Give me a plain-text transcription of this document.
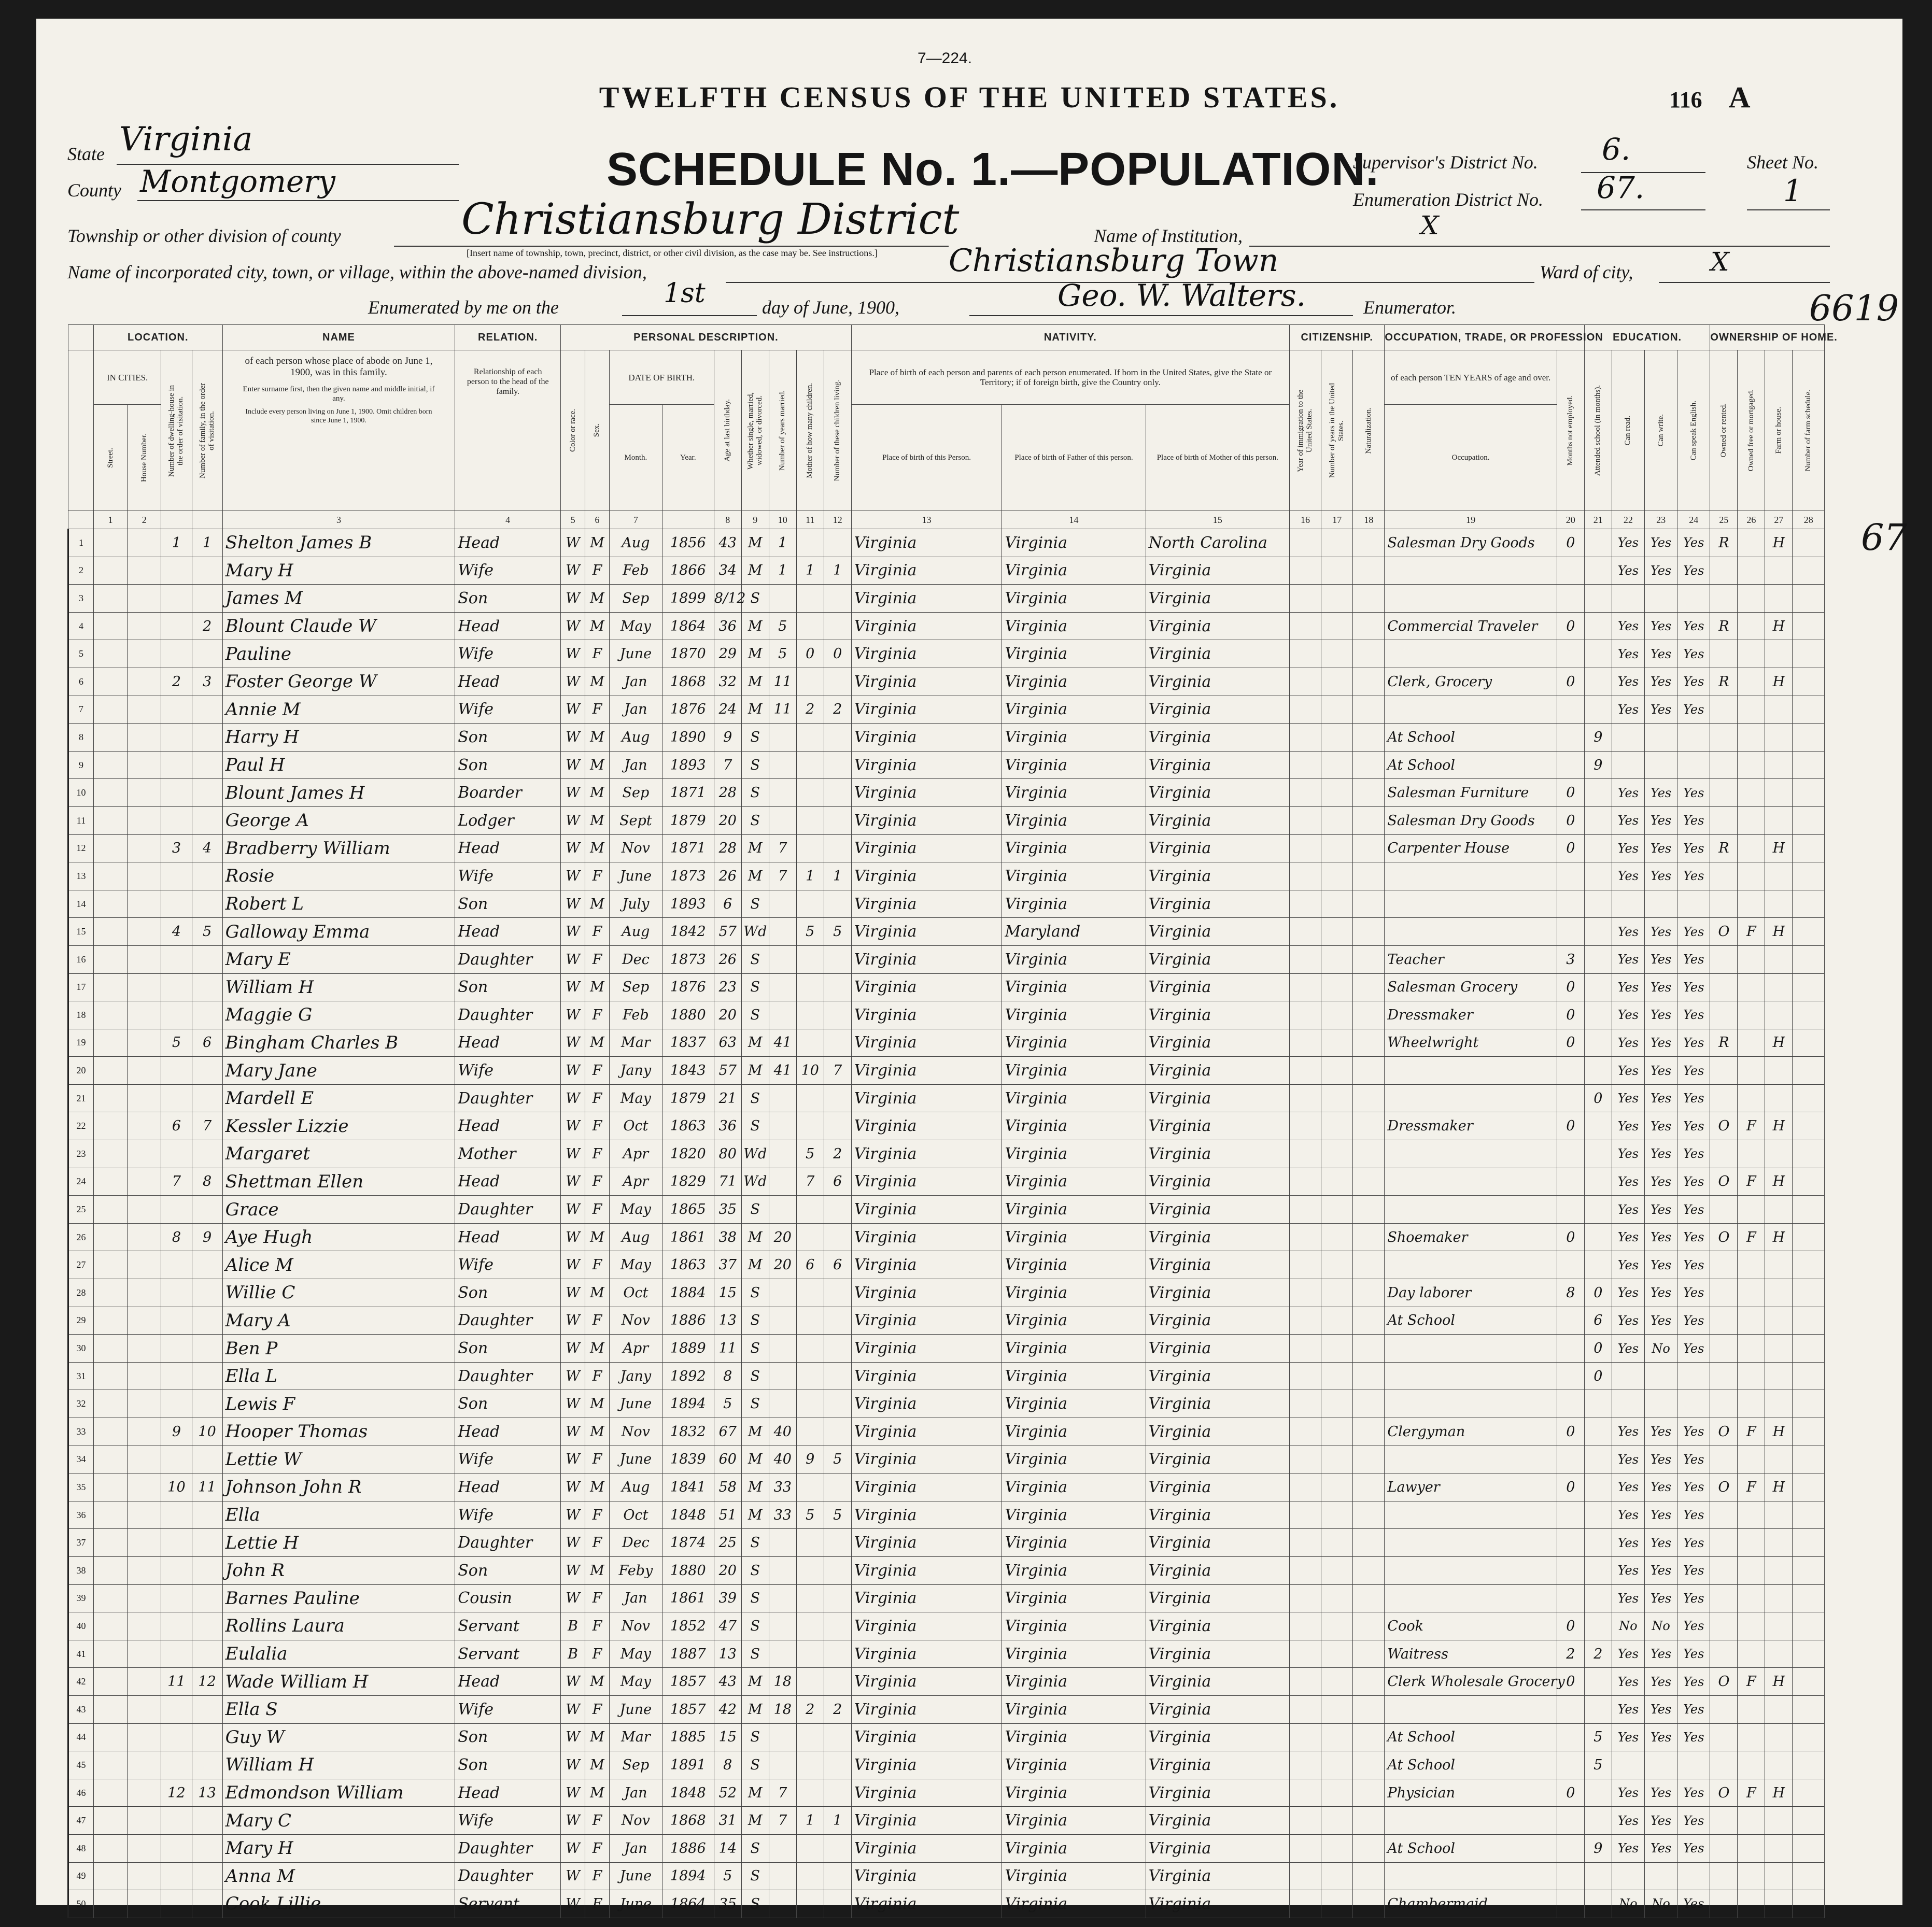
7—224.
TWELFTH CENSUS OF THE UNITED STATES.	116 A
SCHEDULE No. 1.—POPULATION.
State Virginia
County Montgomery
Township or other division of county	Christiansburg District
[Insert name of township, town, precinct, district, or other civil division, as the case may be. See instructions.]
Name of Institution,	X
Name of incorporated city, town, or village, within the above-named division,	Christiansburg Town	Ward of city,	X
Enumerated by me on the	1st	day of June, 1900,	Geo. W. Walters.	Enumerator.
Supervisor's District No. 6.
Enumeration District No. 67.
Sheet No.
1
6619
67
	LOCATION.				NAME	RELATION.	PERSONAL DESCRIPTION.									NATIVITY.			CITIZENSHIP.			OCCUPATION, TRADE, OR PROFESSION		EDUCATION.				OWNERSHIP OF HOME.			
	IN CITIES.		Number of dwelling-house in the order of visitation.	Number of family, in the order of visitation.	of each person whose place of abode on June 1, 1900, was in this family.
Enter surname first, then the given name and middle initial, if any.
Include every person living on June 1, 1900. Omit children born since June 1, 1900.	Relationship of each person to the head of the family.	Color or race.	Sex.	DATE OF BIRTH.		Age at last birthday.	Whether single, married, widowed, or divorced.	Number of years married.	Mother of how many children.	Number of these children living.	Place of birth of each person and parents of each person enumerated. If born in the United States, give the State or Territory; if of foreign birth, give the Country only.			Year of immigration to the United States.	Number of years in the United States.	Naturalization.	of each person TEN YEARS of age and over.	Months not employed.	Attended school (in months).	Can read.	Can write.	Can speak English.	Owned or rented.	Owned free or mortgaged.	Farm or house.	Number of farm schedule.

	Street.	House Number.							Month.	Year.						Place of birth of this Person.	Place of birth of Father of this person.	Place of birth of Mother of this person.				Occupation.									
	1	2			3	4	5	6	7		8	9	10	11	12	13	14	15	16	17	18	19	20	21	22	23	24	25	26	27	28
1			1	1	Shelton James B	Head	W	M	Aug	1856	43	M	1			Virginia	Virginia	North Carolina				Salesman Dry Goods	0		Yes	Yes	Yes	R		H	
2					Mary H	Wife	W	F	Feb	1866	34	M	1	1	1	Virginia	Virginia	Virginia							Yes	Yes	Yes				
3					James M	Son	W	M	Sep	1899	8/12	S				Virginia	Virginia	Virginia													
4				2	Blount Claude W	Head	W	M	May	1864	36	M	5			Virginia	Virginia	Virginia				Commercial Traveler	0		Yes	Yes	Yes	R		H	
5					Pauline	Wife	W	F	June	1870	29	M	5	0	0	Virginia	Virginia	Virginia							Yes	Yes	Yes				
6			2	3	Foster George W	Head	W	M	Jan	1868	32	M	11			Virginia	Virginia	Virginia				Clerk, Grocery	0		Yes	Yes	Yes	R		H	
7					Annie M	Wife	W	F	Jan	1876	24	M	11	2	2	Virginia	Virginia	Virginia							Yes	Yes	Yes				
8					Harry H	Son	W	M	Aug	1890	9	S				Virginia	Virginia	Virginia				At School		9							
9					Paul H	Son	W	M	Jan	1893	7	S				Virginia	Virginia	Virginia				At School		9							
10					Blount James H	Boarder	W	M	Sep	1871	28	S				Virginia	Virginia	Virginia				Salesman Furniture	0		Yes	Yes	Yes				
11					George A	Lodger	W	M	Sept	1879	20	S				Virginia	Virginia	Virginia				Salesman Dry Goods	0		Yes	Yes	Yes				
12			3	4	Bradberry William	Head	W	M	Nov	1871	28	M	7			Virginia	Virginia	Virginia				Carpenter House	0		Yes	Yes	Yes	R		H	
13					Rosie	Wife	W	F	June	1873	26	M	7	1	1	Virginia	Virginia	Virginia							Yes	Yes	Yes				
14					Robert L	Son	W	M	July	1893	6	S				Virginia	Virginia	Virginia													
15			4	5	Galloway Emma	Head	W	F	Aug	1842	57	Wd		5	5	Virginia	Maryland	Virginia							Yes	Yes	Yes	O	F	H	
16					Mary E	Daughter	W	F	Dec	1873	26	S				Virginia	Virginia	Virginia				Teacher	3		Yes	Yes	Yes				
17					William H	Son	W	M	Sep	1876	23	S				Virginia	Virginia	Virginia				Salesman Grocery	0		Yes	Yes	Yes				
18					Maggie G	Daughter	W	F	Feb	1880	20	S				Virginia	Virginia	Virginia				Dressmaker	0		Yes	Yes	Yes				
19			5	6	Bingham Charles B	Head	W	M	Mar	1837	63	M	41			Virginia	Virginia	Virginia				Wheelwright	0		Yes	Yes	Yes	R		H	
20					Mary Jane	Wife	W	F	Jany	1843	57	M	41	10	7	Virginia	Virginia	Virginia							Yes	Yes	Yes				
21					Mardell E	Daughter	W	F	May	1879	21	S				Virginia	Virginia	Virginia						0	Yes	Yes	Yes				
22			6	7	Kessler Lizzie	Head	W	F	Oct	1863	36	S				Virginia	Virginia	Virginia				Dressmaker	0		Yes	Yes	Yes	O	F	H	
23					Margaret	Mother	W	F	Apr	1820	80	Wd		5	2	Virginia	Virginia	Virginia							Yes	Yes	Yes				
24			7	8	Shettman Ellen	Head	W	F	Apr	1829	71	Wd		7	6	Virginia	Virginia	Virginia							Yes	Yes	Yes	O	F	H	
25					Grace	Daughter	W	F	May	1865	35	S				Virginia	Virginia	Virginia							Yes	Yes	Yes				
26			8	9	Aye Hugh	Head	W	M	Aug	1861	38	M	20			Virginia	Virginia	Virginia				Shoemaker	0		Yes	Yes	Yes	O	F	H	
27					Alice M	Wife	W	F	May	1863	37	M	20	6	6	Virginia	Virginia	Virginia							Yes	Yes	Yes				
28					Willie C	Son	W	M	Oct	1884	15	S				Virginia	Virginia	Virginia				Day laborer	8	0	Yes	Yes	Yes				
29					Mary A	Daughter	W	F	Nov	1886	13	S				Virginia	Virginia	Virginia				At School		6	Yes	Yes	Yes				
30					Ben P	Son	W	M	Apr	1889	11	S				Virginia	Virginia	Virginia						0	Yes	No	Yes				
31					Ella L	Daughter	W	F	Jany	1892	8	S				Virginia	Virginia	Virginia						0							
32					Lewis F	Son	W	M	June	1894	5	S				Virginia	Virginia	Virginia													
33			9	10	Hooper Thomas	Head	W	M	Nov	1832	67	M	40			Virginia	Virginia	Virginia				Clergyman	0		Yes	Yes	Yes	O	F	H	
34					Lettie W	Wife	W	F	June	1839	60	M	40	9	5	Virginia	Virginia	Virginia							Yes	Yes	Yes				
35			10	11	Johnson John R	Head	W	M	Aug	1841	58	M	33			Virginia	Virginia	Virginia				Lawyer	0		Yes	Yes	Yes	O	F	H	
36					Ella	Wife	W	F	Oct	1848	51	M	33	5	5	Virginia	Virginia	Virginia							Yes	Yes	Yes				
37					Lettie H	Daughter	W	F	Dec	1874	25	S				Virginia	Virginia	Virginia							Yes	Yes	Yes				
38					John R	Son	W	M	Feby	1880	20	S				Virginia	Virginia	Virginia							Yes	Yes	Yes				
39					Barnes Pauline	Cousin	W	F	Jan	1861	39	S				Virginia	Virginia	Virginia							Yes	Yes	Yes				
40					Rollins Laura	Servant	B	F	Nov	1852	47	S				Virginia	Virginia	Virginia				Cook	0		No	No	Yes				
41					Eulalia	Servant	B	F	May	1887	13	S				Virginia	Virginia	Virginia				Waitress	2	2	Yes	Yes	Yes				
42			11	12	Wade William H	Head	W	M	May	1857	43	M	18			Virginia	Virginia	Virginia				Clerk Wholesale Grocery	0		Yes	Yes	Yes	O	F	H	
43					Ella S	Wife	W	F	June	1857	42	M	18	2	2	Virginia	Virginia	Virginia							Yes	Yes	Yes				
44					Guy W	Son	W	M	Mar	1885	15	S				Virginia	Virginia	Virginia				At School		5	Yes	Yes	Yes				
45					William H	Son	W	M	Sep	1891	8	S				Virginia	Virginia	Virginia				At School		5							
46			12	13	Edmondson William	Head	W	M	Jan	1848	52	M	7			Virginia	Virginia	Virginia				Physician	0		Yes	Yes	Yes	O	F	H	
47					Mary C	Wife	W	F	Nov	1868	31	M	7	1	1	Virginia	Virginia	Virginia							Yes	Yes	Yes				
48					Mary H	Daughter	W	F	Jan	1886	14	S				Virginia	Virginia	Virginia				At School		9	Yes	Yes	Yes				
49					Anna M	Daughter	W	F	June	1894	5	S				Virginia	Virginia	Virginia													
50					Cook Lillie	Servant	W	F	June	1864	35	S				Virginia	Virginia	Virginia				Chambermaid			No	No	Yes				
